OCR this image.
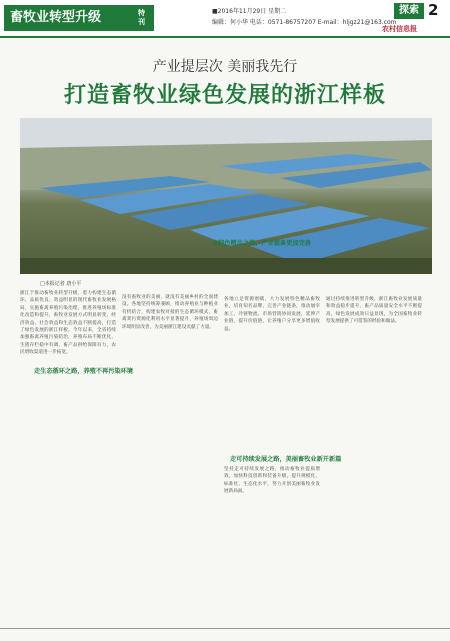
畜牧业转型升级	特刊
■2016年11月29日 星期二
编辑：何小华 电话：0571-86757207 E-mail：hljgz21@163.com
探索 2
农村信息报
产业提层次 美丽我先行
打造畜牧业绿色发展的浙江样板
□本报记者 唐小平
浙江于推动畜牧业转型升级，着力构建生态循环、品质优良、效益明显的现代畜牧业发展格局，实施畜禽养殖污染治理，推进养殖场标准化改造和提升，畜牧业发展方式明显转变，经济效益、社会效益和生态效益不断提高，打造了绿色发展的浙江样板。今年以来，全省持续加强畜禽养殖污染防治，养殖布局不断优化，生猪存栏稳中有调，畜产品供给保障有力，农民增收渠道进一步拓宽。
走生态循环之路，养殖不再污染环境
没有畜牧业的美丽，就没有美丽乡村的全面建设。各地坚持统筹兼顾，推动养殖业与种植业有机结合，构建农牧对接的生态循环模式，畜禽粪污资源化利用水平显著提升，养殖场周边环境明显改善，为美丽浙江建设贡献了力量。
走特色精品之路，产业链条更加完善
走可持续发展之路，美丽畜牧业新开新篇
各地立足资源禀赋，大力发展特色精品畜牧业，培育知名品牌，完善产业链条，推动屠宰加工、冷链物流、市场营销协同发展，延伸产业链，提升价值链，让养殖户分享更多增值收益。
坚持走可持续发展之路，推动畜牧业提质增效，加快科技创新和装备升级，提升规模化、标准化、生态化水平，努力开创美丽畜牧业发展新局面。
通过持续推进转型升级，浙江畜牧业发展质量和效益稳步提升，畜产品质量安全水平不断提高，绿色发展成效日益显现，为全国畜牧业转型发展提供了可借鉴的经验和做法。
